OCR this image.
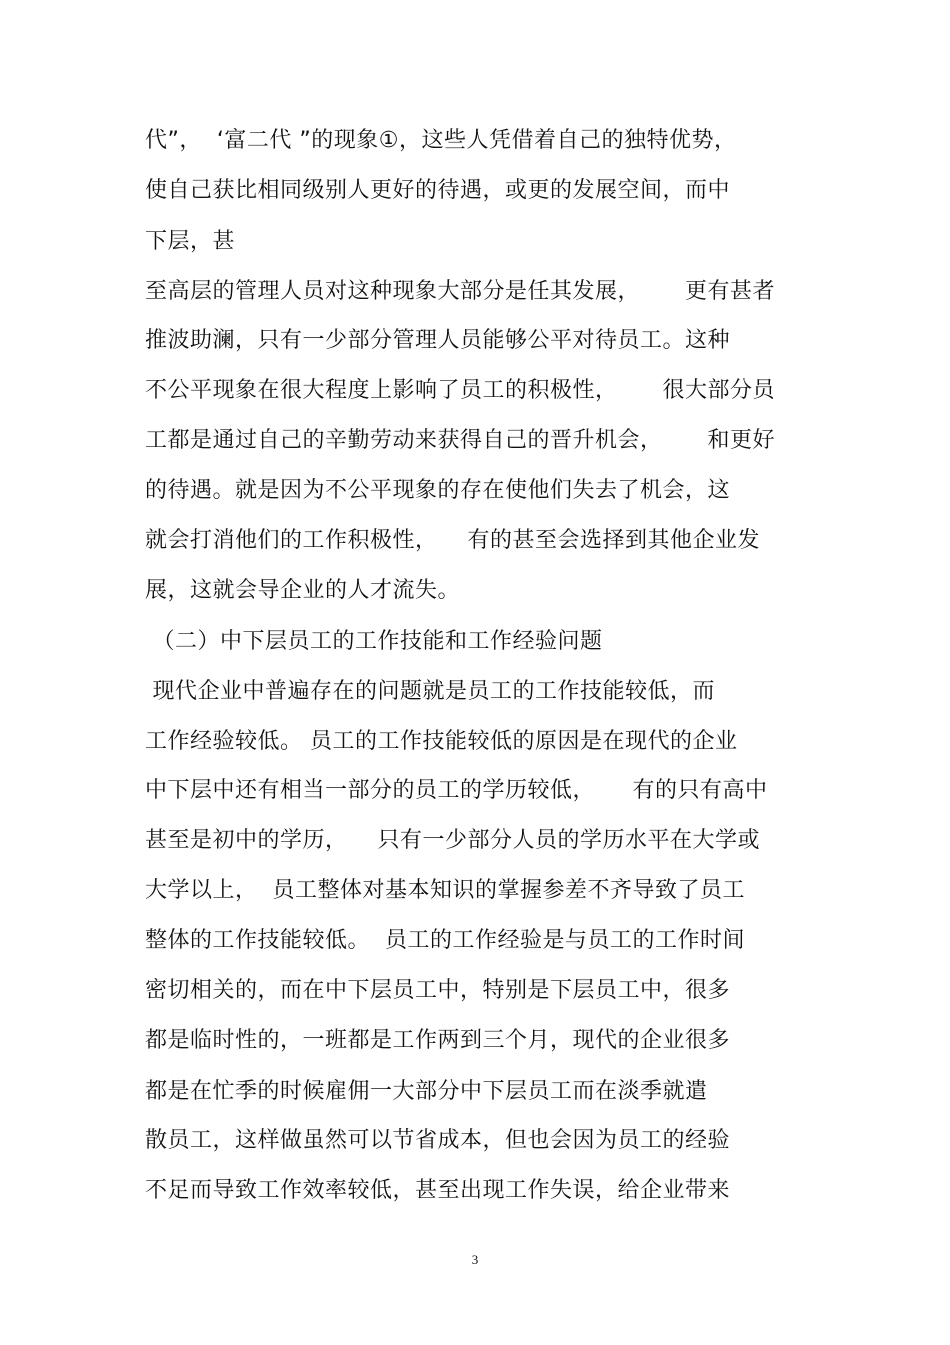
代”，  ‘富二代 ”的现象①，这些人凭借着自己的独特优势，
使自己获比相同级别人更好的待遇，或更的发展空间，而中
下层，甚
至高层的管理人员对这种现象大部分是任其发展，      更有甚者
推波助澜，只有一少部分管理人员能够公平对待员工。这种
不公平现象在很大程度上影响了员工的积极性，      很大部分员
工都是通过自己的辛勤劳动来获得自己的晋升机会，      和更好
的待遇。就是因为不公平现象的存在使他们失去了机会，这
就会打消他们的工作积极性，    有的甚至会选择到其他企业发
展，这就会导企业的人才流失。
（二）中下层员工的工作技能和工作经验问题
现代企业中普遍存在的问题就是员工的工作技能较低，而
工作经验较低。 员工的工作技能较低的原因是在现代的企业
中下层中还有相当一部分的员工的学历较低，     有的只有高中
甚至是初中的学历，    只有一少部分人员的学历水平在大学或
大学以上，  员工整体对基本知识的掌握参差不齐导致了员工
整体的工作技能较低。  员工的工作经验是与员工的工作时间
密切相关的，而在中下层员工中，特别是下层员工中，很多
都是临时性的，一班都是工作两到三个月，现代的企业很多
都是在忙季的时候雇佣一大部分中下层员工而在淡季就遣
散员工，这样做虽然可以节省成本，但也会因为员工的经验
不足而导致工作效率较低，甚至出现工作失误，给企业带来
3
